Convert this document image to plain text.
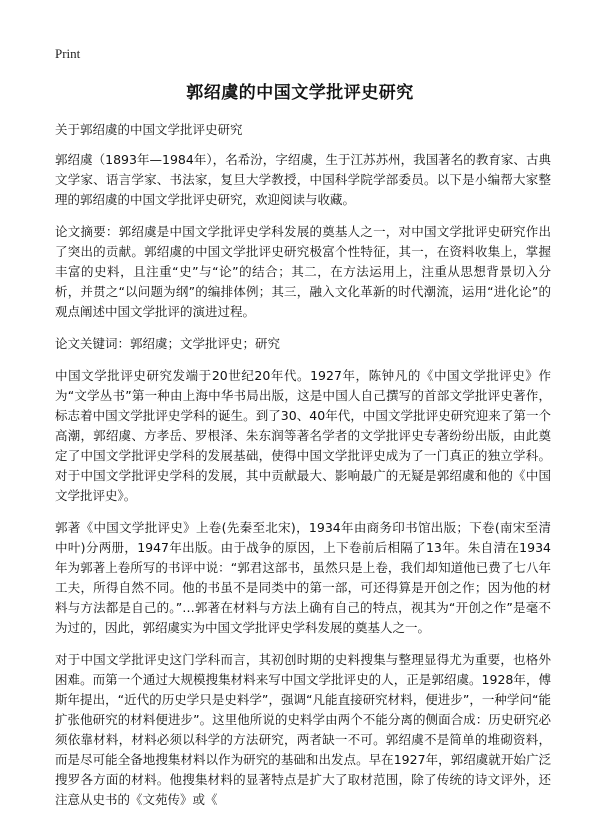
Print
郭绍虞的中国文学批评史研究
关于郭绍虞的中国文学批评史研究

郭绍虞（1893年—1984年），名希汾，字绍虞，生于江苏苏州，我国著名的教育家、古典文学家、语言学家、书法家，复旦大学教授，中国科学院学部委员。以下是小编帮大家整理的郭绍虞的中国文学批评史研究，欢迎阅读与收藏。

论文摘要：郭绍虞是中国文学批评史学科发展的奠基人之一，对中国文学批评史研究作出了突出的贡献。郭绍虞的中国文学批评史研究极富个性特征，其一，在资料收集上，掌握丰富的史料，且注重“史”与“论”的结合；其二，在方法运用上，注重从思想背景切入分析，并贯之“以问题为纲”的编排体例；其三，融入文化革新的时代潮流，运用“进化论”的观点阐述中国文学批评的演进过程。

论文关键词：郭绍虞；文学批评史；研究

中国文学批评史研究发端于20世纪20年代。1927年，陈钟凡的《中国文学批评史》作为“文学丛书”第一种由上海中华书局出版，这是中国人自己撰写的首部文学批评史著作，标志着中国文学批评史学科的诞生。到了30、40年代，中国文学批评史研究迎来了第一个高潮，郭绍虞、方孝岳、罗根泽、朱东润等著名学者的文学批评史专著纷纷出版，由此奠定了中国文学批评史学科的发展基础，使得中国文学批评史成为了一门真正的独立学科。对于中国文学批评史学科的发展，其中贡献最大、影响最广的无疑是郭绍虞和他的《中国文学批评史》。

郭著《中国文学批评史》上卷(先秦至北宋)，1934年由商务印书馆出版；下卷(南宋至清中叶)分两册，1947年出版。由于战争的原因，上下卷前后相隔了13年。朱自清在1934年为郭著上卷所写的书评中说：“郭君这部书，虽然只是上卷，我们却知道他已费了七八年工夫，所得自然不同。他的书虽不是同类中的第一部，可还得算是开创之作；因为他的材料与方法都是自己的。”…郭著在材料与方法上确有自己的特点，视其为“开创之作”是毫不为过的，因此，郭绍虞实为中国文学批评史学科发展的奠基人之一。

对于中国文学批评史这门学科而言，其初创时期的史料搜集与整理显得尤为重要，也格外困难。而第一个通过大规模搜集材料来写中国文学批评史的人，正是郭绍虞。1928年，傅斯年提出，“近代的历史学只是史料学”，强调“凡能直接研究材料，便进步”，一种学问“能扩张他研究的材料便进步”。这里他所说的史料学由两个不能分离的侧面合成：历史研究必须依靠材料，材料必须以科学的方法研究，两者缺一不可。郭绍虞不是简单的堆砌资料，而是尽可能全备地搜集材料以作为研究的基础和出发点。早在1927年，郭绍虞就开始广泛搜罗各方面的材料。他搜集材料的显著特点是扩大了取材范围，除了传统的诗文评外，还注意从史书的《文苑传》或《
